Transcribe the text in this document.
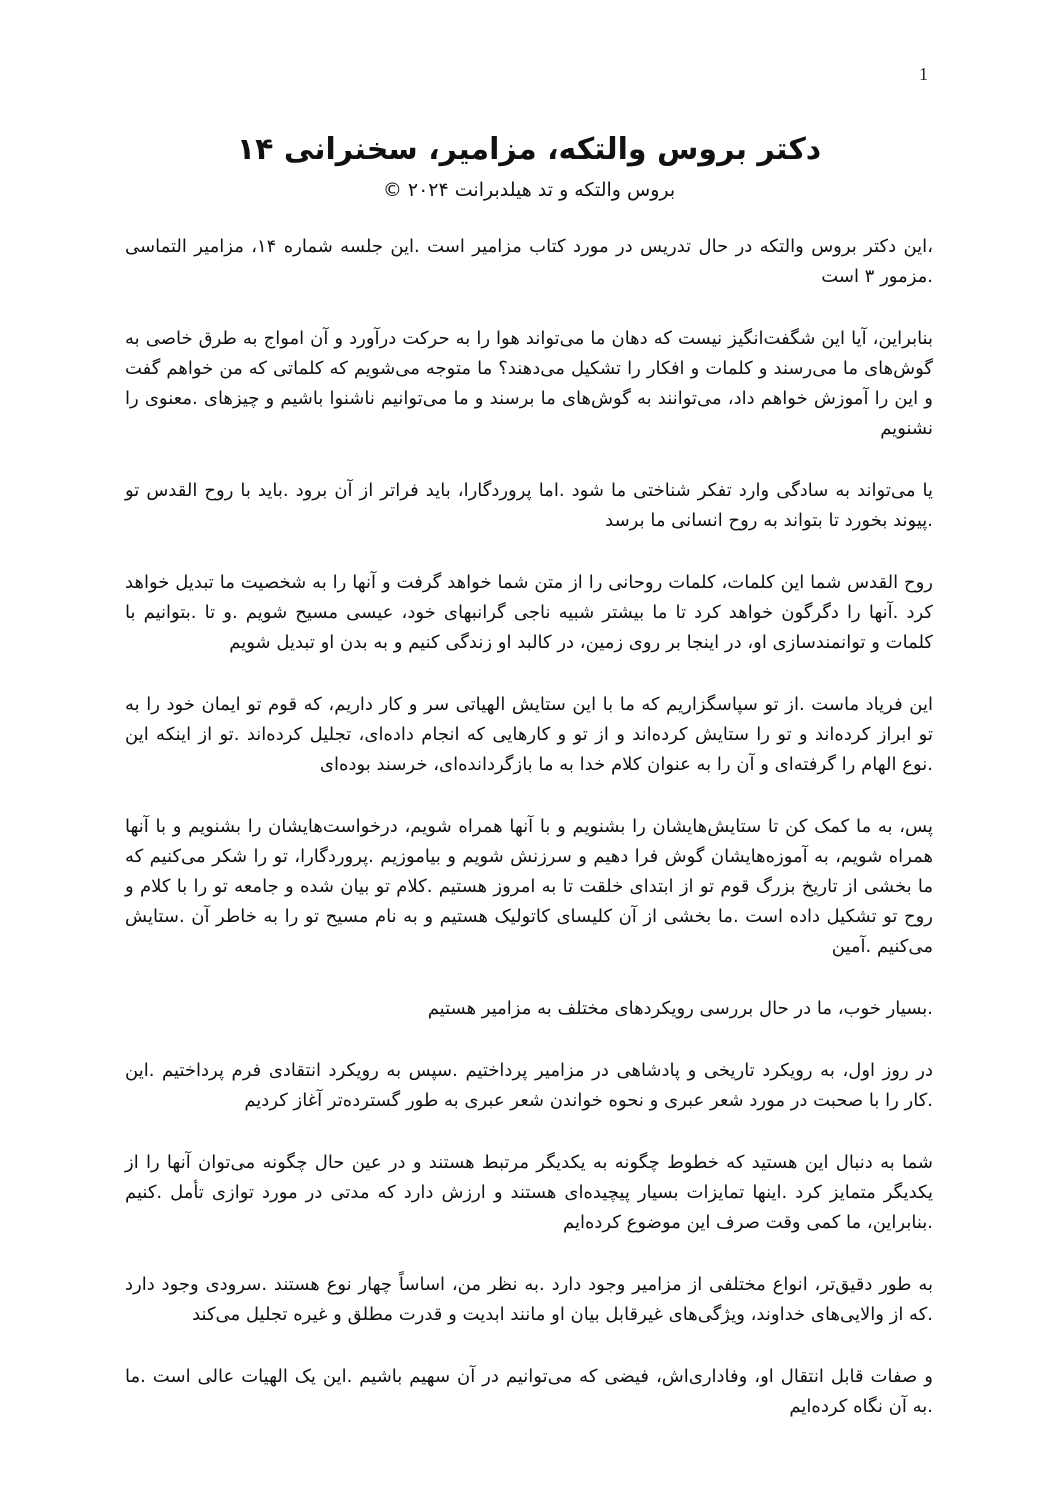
1
دکتر بروس والتکه، مزامیر، سخنرانی ۱۴
بروس والتکه و تد هیلدبرانت ۲۰۲۴ ©

،این دکتر بروس والتکه در حال تدریس در مورد کتاب مزامیر است .این جلسه شماره ۱۴، مزامیر التماسی .مزمور ۳ است

بنابراین، آیا این شگفت‌انگیز نیست که دهان ما می‌تواند هوا را به حرکت درآورد و آن امواج به طرق خاصی به گوش‌های ما می‌رسند و کلمات و افکار را تشکیل می‌دهند؟ ما متوجه می‌شویم که کلماتی که من خواهم گفت و این را آموزش خواهم داد، می‌توانند به گوش‌های ما برسند و ما می‌توانیم ناشنوا باشیم و چیزهای .معنوی را نشنویم

یا می‌تواند به سادگی وارد تفکر شناختی ما شود .اما پروردگارا، باید فراتر از آن برود .باید با روح القدس تو .پیوند بخورد تا بتواند به روح انسانی ما برسد

روح القدس شما این کلمات، کلمات روحانی را از متن شما خواهد گرفت و آنها را به شخصیت ما تبدیل خواهد کرد .آنها را دگرگون خواهد کرد تا ما بیشتر شبیه ناجی گرانبهای خود، عیسی مسیح شویم .و تا .بتوانیم با کلمات و توانمندسازی او، در اینجا بر روی زمین، در کالبد او زندگی کنیم و به بدن او تبدیل شویم

این فریاد ماست .از تو سپاسگزاریم که ما با این ستایش الهیاتی سر و کار داریم، که قوم تو ایمان خود را به تو ابراز کرده‌اند و تو را ستایش کرده‌اند و از تو و کارهایی که انجام داده‌ای، تجلیل کرده‌اند .تو از اینکه این .نوع الهام را گرفته‌ای و آن را به عنوان کلام خدا به ما بازگردانده‌ای، خرسند بوده‌ای

پس، به ما کمک کن تا ستایش‌هایشان را بشنویم و با آنها همراه شویم، درخواست‌هایشان را بشنویم و با آنها همراه شویم، به آموزه‌هایشان گوش فرا دهیم و سرزنش شویم و بیاموزیم .پروردگارا، تو را شکر می‌کنیم که ما بخشی از تاریخ بزرگ قوم تو از ابتدای خلقت تا به امروز هستیم .کلام تو بیان شده و جامعه تو را با کلام و روح تو تشکیل داده است .ما بخشی از آن کلیسای کاتولیک هستیم و به نام مسیح تو را به خاطر آن .ستایش می‌کنیم .آمین

.بسیار خوب، ما در حال بررسی رویکردهای مختلف به مزامیر هستیم

در روز اول، به رویکرد تاریخی و پادشاهی در مزامیر پرداختیم .سپس به رویکرد انتقادی فرم پرداختیم .این .کار را با صحبت در مورد شعر عبری و نحوه خواندن شعر عبری به طور گسترده‌تر آغاز کردیم

شما به دنبال این هستید که خطوط چگونه به یکدیگر مرتبط هستند و در عین حال چگونه می‌توان آنها را از یکدیگر متمایز کرد .اینها تمایزات بسیار پیچیده‌ای هستند و ارزش دارد که مدتی در مورد توازی تأمل .کنیم .بنابراین، ما کمی وقت صرف این موضوع کرده‌ایم

به طور دقیق‌تر، انواع مختلفی از مزامیر وجود دارد .به نظر من، اساساً چهار نوع هستند .سرودی وجود دارد .که از والایی‌های خداوند، ویژگی‌های غیرقابل بیان او مانند ابدیت و قدرت مطلق و غیره تجلیل می‌کند

و صفات قابل انتقال او، وفاداری‌اش، فیضی که می‌توانیم در آن سهیم باشیم .این یک الهیات عالی است .ما .به آن نگاه کرده‌ایم
